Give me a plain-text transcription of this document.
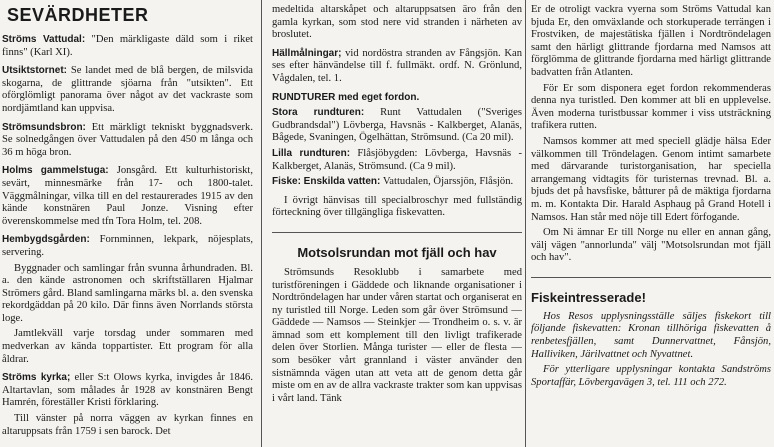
SEVÄRDHETER

Ströms Vattudal: "Den märkligaste däld som i riket finns" (Karl XI).

Utsiktstornet: Se landet med de blå bergen, de milsvida skogarna, de glittrande sjöarna från "utsikten". Ett oförglömligt panorama över något av det vackraste som nordjämtland kan uppvisa.

Strömsundsbron: Ett märkligt tekniskt byggnadsverk. Se solnedgången över Vattudalen på den 450 m långa och 36 m höga bron.

Holms gammelstuga: Jonsgård. Ett kulturhistoriskt, sevärt, minnesmärke från 17- och 1800-talet. Väggmålningar, vilka till en del restaurerades 1915 av den kände konstnären Paul Jonze. Visning efter överenskommelse med tfn Tora Holm, tel. 208.

Hembygdsgården: Fornminnen, lekpark, nöjesplats, servering.

Byggnader och samlingar från svunna århundraden. Bl. a. den kände astronomen och skriftställaren Hjalmar Strömers gård. Bland samlingarna märks bl. a. den svenska rekordgäddan på 20 kilo. Där finns även Norrlands största loge.

Jamtlekväll varje torsdag under sommaren med medverkan av kända toppartister. Ett program för alla åldrar.

Ströms kyrka; eller S:t Olows kyrka, invigdes år 1846. Altartavlan, som målades år 1928 av konstnären Bengt Hamrén, föreställer Kristi förklaring.

Till vänster på norra väggen av kyrkan finnes en altaruppsats från 1759 i sen barock. Det

medeltida altarskåpet och altaruppsatsen äro från den gamla kyrkan, som stod nere vid stranden i närheten av broslutet.

Hällmålningar; vid nordöstra stranden av Fångsjön. Kan ses efter hänvändelse till f. fullmäkt. ordf. N. Grönlund, Vågdalen, tel. 1.

RUNDTURER med eget fordon.

Stora rundturen: Runt Vattudalen ("Sveriges Gudbrandsdal") Lövberga, Havsnäs - Kalkberget, Alanäs, Bågede, Svaningen, Ögelhättan, Strömsund. (Ca 20 mil).

Lilla rundturen: Flåsjöbygden: Lövberga, Havsnäs - Kalkberget, Alanäs, Strömsund. (Ca 9 mil).

Fiske: Enskilda vatten: Vattudalen, Öjarssjön, Flåsjön.

I övrigt hänvisas till specialbroschyr med fullständig förteckning över tillgängliga fiskevatten.

Motsolsrundan mot fjäll och hav

Strömsunds Resoklubb i samarbete med turistföreningen i Gäddede och liknande organisationer i Nordtröndelagen har under våren startat och organiserat en ny turistled till Norge. Leden som går över Strömsund — Gäddede — Namsos — Steinkjer — Trondheim o. s. v. är ämnad som ett komplement till den livligt trafikerade delen över Storlien. Många turister — eller de flesta — som besöker vårt grannland i väster använder den sistnämnda vägen utan att veta att de genom detta går miste om en av de allra vackraste trakter som kan uppvisas i vårt land. Tänk

Er de otroligt vackra vyerna som Ströms Vattudal kan bjuda Er, den omväxlande och storkuperade terrängen i Frostviken, de majestätiska fjällen i Nordtröndelagen samt den härligt glittrande fjordarna med Namsos att förglömma de glittrande fjordarna med härligt glittrande badvatten från Atlanten.

För Er som disponera eget fordon rekommenderas denna nya turistled. Den kommer att bli en upplevelse. Även moderna turistbussar kommer i viss utsträckning trafikera rutten.

Namsos kommer att med speciell glädje hälsa Eder välkommen till Tröndelagen. Genom intimt samarbete med därvarande turistorganisation, har speciella arrangemang vidtagits för turisternas trevnad. Bl. a. bjuds det på havsfiske, båtturer på de mäktiga fjordarna m. m. Kontakta Dir. Harald Asphaug på Grand Hotell i Namsos. Han står med nöje till Edert förfogande.

Om Ni ämnar Er till Norge nu eller en annan gång, välj vägen "annorlunda" välj "Motsolsrundan mot fjäll och hav".

Fiskeintresserade!

Hos Resos upplysningsställe säljes fiskekort till följande fiskevatten: Kronan tillhöriga fiskevatten å renbetesfjällen, samt Dunnervattnet, Fånsjön, Halliviken, Järilvattnet och Nyvattnet.

För ytterligare upplysningar kontakta Sandströms Sportaffär, Lövbergavägen 3, tel. 111 och 272.
